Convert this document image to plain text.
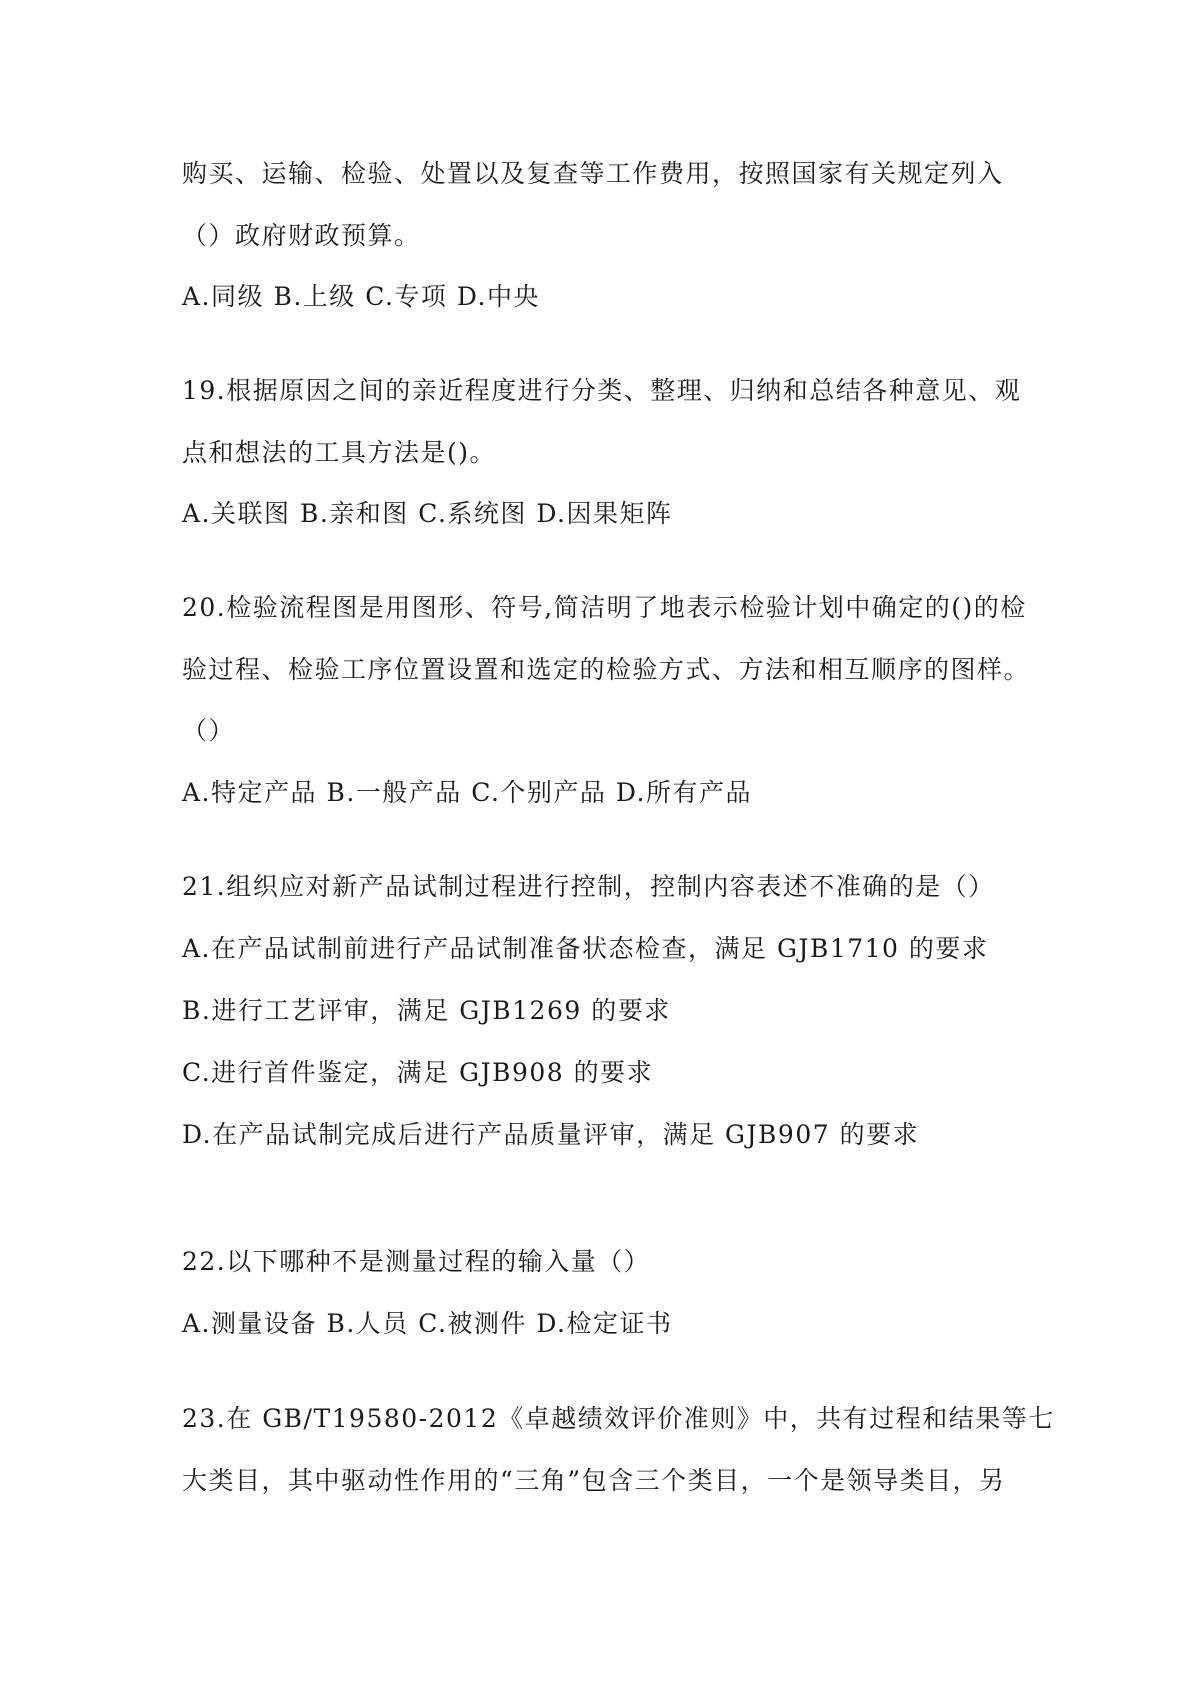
购买、运输、检验、处置以及复查等工作费用，按照国家有关规定列入

（）政府财政预算。

A.同级 B.上级 C.专项 D.中央

19.根据原因之间的亲近程度进行分类、整理、归纳和总结各种意见、观

点和想法的工具方法是()。

A.关联图 B.亲和图 C.系统图 D.因果矩阵

20.检验流程图是用图形、符号,简洁明了地表示检验计划中确定的()的检

验过程、检验工序位置设置和选定的检验方式、方法和相互顺序的图样。

（）

A.特定产品 B.一般产品 C.个别产品 D.所有产品

21.组织应对新产品试制过程进行控制，控制内容表述不准确的是（）

A.在产品试制前进行产品试制准备状态检查，满足 GJB1710 的要求

B.进行工艺评审，满足 GJB1269 的要求

C.进行首件鉴定，满足 GJB908 的要求

D.在产品试制完成后进行产品质量评审，满足 GJB907 的要求

22.以下哪种不是测量过程的输入量（）

A.测量设备 B.人员 C.被测件 D.检定证书

23.在 GB/T19580-2012《卓越绩效评价准则》中，共有过程和结果等七

大类目，其中驱动性作用的“三角”包含三个类目，一个是领导类目，另
